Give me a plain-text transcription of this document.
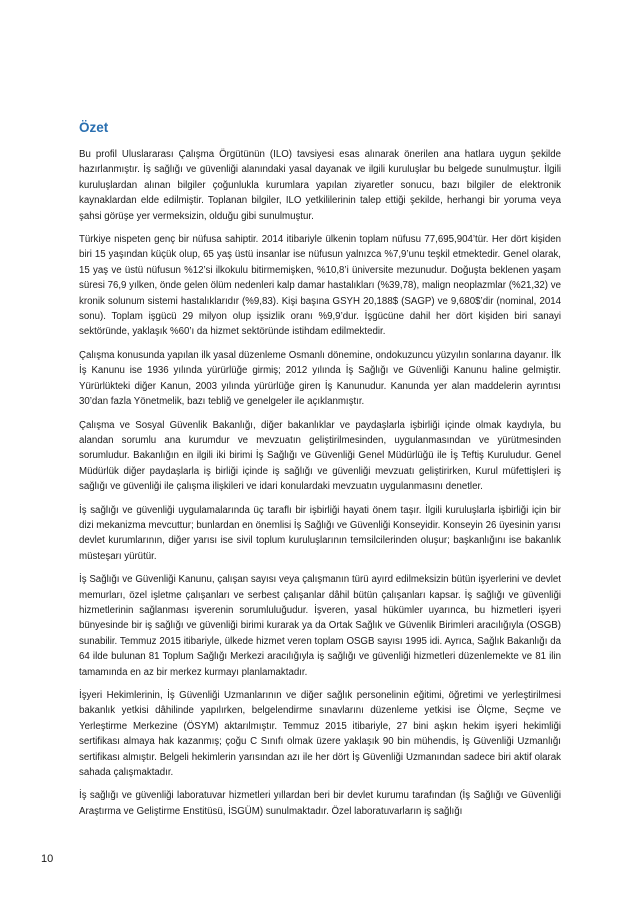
Özet

Bu profil Uluslararası Çalışma Örgütünün (ILO) tavsiyesi esas alınarak önerilen ana hatlara uygun şekilde hazırlanmıştır. İş sağlığı ve güvenliği alanındaki yasal dayanak ve ilgili kuruluşlar bu belgede sunulmuştur. İlgili kuruluşlardan alınan bilgiler çoğunlukla kurumlara yapılan ziyaretler sonucu, bazı bilgiler de elektronik kaynaklardan elde edilmiştir. Toplanan bilgiler, ILO yetkililerinin talep ettiği şekilde, herhangi bir yoruma veya şahsi görüşe yer vermeksizin, olduğu gibi sunulmuştur.

Türkiye nispeten genç bir nüfusa sahiptir. 2014 itibariyle ülkenin toplam nüfusu 77,695,904’tür. Her dört kişiden biri 15 yaşından küçük olup, 65 yaş üstü insanlar ise nüfusun yalnızca %7,9’unu teşkil etmektedir. Genel olarak, 15 yaş ve üstü nüfusun %12’si ilkokulu bitirmemişken, %10,8’i üniversite mezunudur. Doğuşta beklenen yaşam süresi 76,9 yılken, önde gelen ölüm nedenleri kalp damar hastalıkları (%39,78), malign neoplazmlar (%21,32) ve kronik solunum sistemi hastalıklarıdır (%9,83). Kişi başına GSYH 20,188$ (SAGP) ve 9,680$’dir (nominal, 2014 sonu). Toplam işgücü 29 milyon olup işsizlik oranı %9,9’dur. İşgücüne dahil her dört kişiden biri sanayi sektöründe, yaklaşık %60’ı da hizmet sektöründe istihdam edilmektedir.

Çalışma konusunda yapılan ilk yasal düzenleme Osmanlı dönemine, ondokuzuncu yüzyılın sonlarına dayanır. İlk İş Kanunu ise 1936 yılında yürürlüğe girmiş; 2012 yılında İş Sağlığı ve Güvenliği Kanunu haline gelmiştir. Yürürlükteki diğer Kanun, 2003 yılında yürürlüğe giren İş Kanunudur. Kanunda yer alan maddelerin ayrıntısı 30’dan fazla Yönetmelik, bazı tebliğ ve genelgeler ile açıklanmıştır.

Çalışma ve Sosyal Güvenlik Bakanlığı, diğer bakanlıklar ve paydaşlarla işbirliği içinde olmak kaydıyla, bu alandan sorumlu ana kurumdur ve mevzuatın geliştirilmesinden, uygulanmasından ve yürütmesinden sorumludur. Bakanlığın en ilgili iki birimi İş Sağlığı ve Güvenliği Genel Müdürlüğü ile İş Teftiş Kuruludur. Genel Müdürlük diğer paydaşlarla iş birliği içinde iş sağlığı ve güvenliği mevzuatı geliştirirken, Kurul müfettişleri iş sağlığı ve güvenliği ile çalışma ilişkileri ve idari konulardaki mevzuatın uygulanmasını denetler.

İş sağlığı ve güvenliği uygulamalarında üç taraflı bir işbirliği hayati önem taşır. İlgili kuruluşlarla işbirliği için bir dizi mekanizma mevcuttur; bunlardan en önemlisi İş Sağlığı ve Güvenliği Konseyidir. Konseyin 26 üyesinin yarısı devlet kurumlarının, diğer yarısı ise sivil toplum kuruluşlarının temsilcilerinden oluşur; başkanlığını ise bakanlık müsteşarı yürütür.

İş Sağlığı ve Güvenliği Kanunu, çalışan sayısı veya çalışmanın türü ayırd edilmeksizin bütün işyerlerini ve devlet memurları, özel işletme çalışanları ve serbest çalışanlar dâhil bütün çalışanları kapsar. İş sağlığı ve güvenliği hizmetlerinin sağlanması işverenin sorumluluğudur. İşveren, yasal hükümler uyarınca, bu hizmetleri işyeri bünyesinde bir iş sağlığı ve güvenliği birimi kurarak ya da Ortak Sağlık ve Güvenlik Birimleri aracılığıyla (OSGB) sunabilir. Temmuz 2015 itibariyle, ülkede hizmet veren toplam OSGB sayısı 1995 idi. Ayrıca, Sağlık Bakanlığı da 64 ilde bulunan 81 Toplum Sağlığı Merkezi aracılığıyla iş sağlığı ve güvenliği hizmetleri düzenlemekte ve 81 ilin tamamında en az bir merkez kurmayı planlamaktadır.

İşyeri Hekimlerinin, İş Güvenliği Uzmanlarının ve diğer sağlık personelinin eğitimi, öğretimi ve yerleştirilmesi bakanlık yetkisi dâhilinde yapılırken, belgelendirme sınavlarını düzenleme yetkisi ise Ölçme, Seçme ve Yerleştirme Merkezine (ÖSYM) aktarılmıştır. Temmuz 2015 itibariyle, 27 bini aşkın hekim işyeri hekimliği sertifikası almaya hak kazanmış; çoğu C Sınıfı olmak üzere yaklaşık 90 bin mühendis, İş Güvenliği Uzmanlığı sertifikası almıştır. Belgeli hekimlerin yarısından azı ile her dört İş Güvenliği Uzmanından sadece biri aktif olarak sahada çalışmaktadır.

İş sağlığı ve güvenliği laboratuvar hizmetleri yıllardan beri bir devlet kurumu tarafından (İş Sağlığı ve Güvenliği Araştırma ve Geliştirme Enstitüsü, İSGÜM) sunulmaktadır. Özel laboratuvarların iş sağlığı

10
